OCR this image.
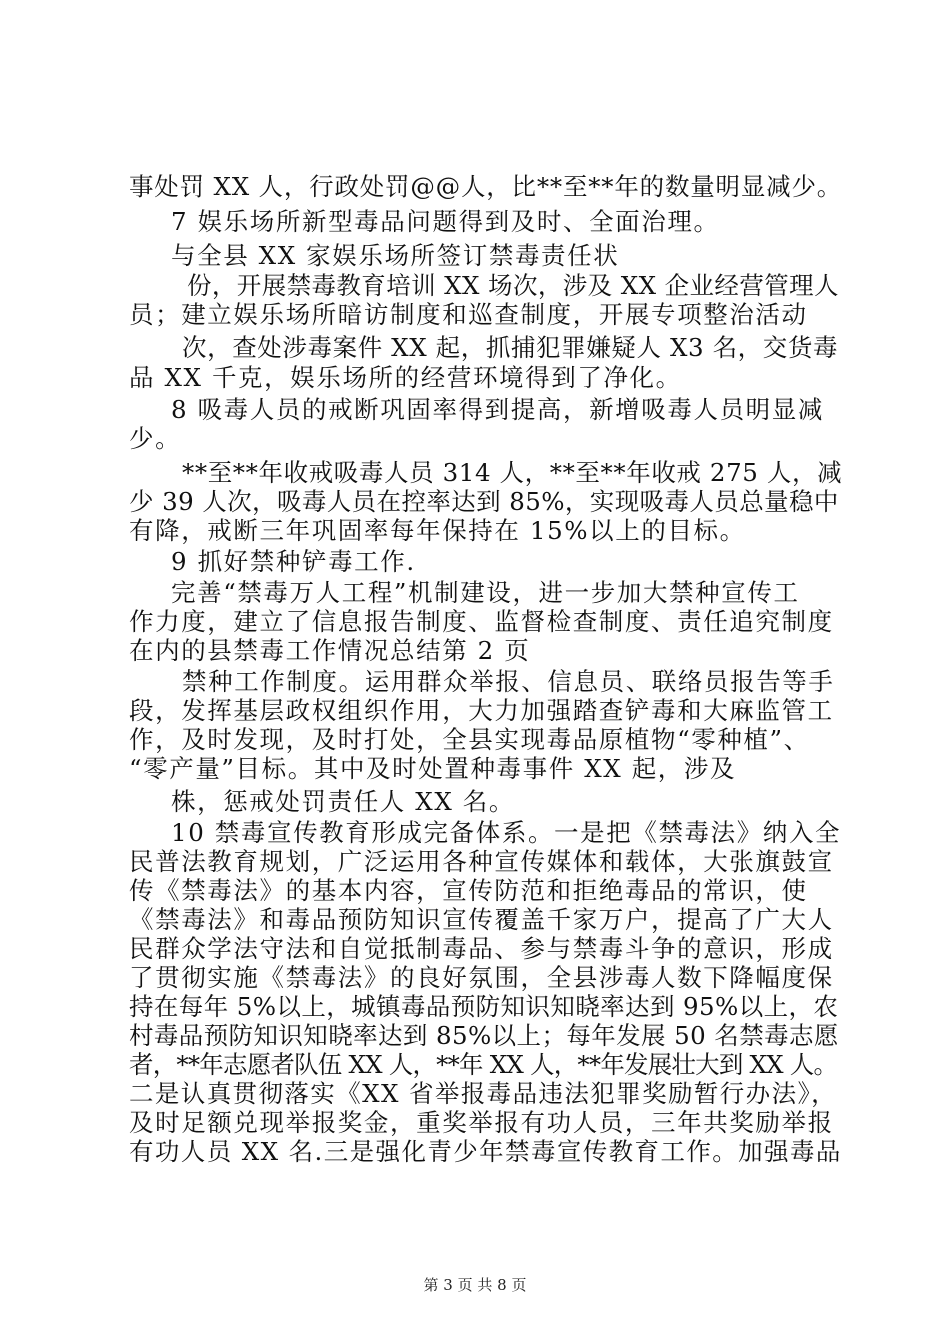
事处罚 XX 人，行政处罚@@人，比**至**年的数量明显减少。
7 娱乐场所新型毒品问题得到及时、全面治理。
与全县 XX 家娱乐场所签订禁毒责任状
份，开展禁毒教育培训 XX 场次，涉及 XX 企业经营管理人
员；建立娱乐场所暗访制度和巡查制度，开展专项整治活动
次，查处涉毒案件 XX 起，抓捕犯罪嫌疑人 X3 名，交货毒
品 XX 千克，娱乐场所的经营环境得到了净化。
8 吸毒人员的戒断巩固率得到提高，新增吸毒人员明显减
少。
**至**年收戒吸毒人员 314 人，**至**年收戒 275 人，减
少 39 人次，吸毒人员在控率达到 85%，实现吸毒人员总量稳中
有降，戒断三年巩固率每年保持在 15%以上的目标。
9 抓好禁种铲毒工作.
完善“禁毒万人工程”机制建设，进一步加大禁种宣传工
作力度，建立了信息报告制度、监督检查制度、责任追究制度
在内的县禁毒工作情况总结第 2 页
禁种工作制度。运用群众举报、信息员、联络员报告等手
段，发挥基层政权组织作用，大力加强踏查铲毒和大麻监管工
作，及时发现，及时打处，全县实现毒品原植物“零种植”、
“零产量”目标。其中及时处置种毒事件 XX 起，涉及
株，惩戒处罚责任人 XX 名。
10 禁毒宣传教育形成完备体系。一是把《禁毒法》纳入全
民普法教育规划，广泛运用各种宣传媒体和载体，大张旗鼓宣
传《禁毒法》的基本内容，宣传防范和拒绝毒品的常识，使
《禁毒法》和毒品预防知识宣传覆盖千家万户，提高了广大人
民群众学法守法和自觉抵制毒品、参与禁毒斗争的意识，形成
了贯彻实施《禁毒法》的良好氛围，全县涉毒人数下降幅度保
持在每年 5%以上，城镇毒品预防知识知晓率达到 95%以上，农
村毒品预防知识知晓率达到 85%以上；每年发展 50 名禁毒志愿
者，**年志愿者队伍 XX 人，**年 XX 人，**年发展壮大到 XX 人。
二是认真贯彻落实《XX 省举报毒品违法犯罪奖励暂行办法》，
及时足额兑现举报奖金，重奖举报有功人员，三年共奖励举报
有功人员 XX 名.三是强化青少年禁毒宣传教育工作。加强毒品
第 3 页 共 8 页
